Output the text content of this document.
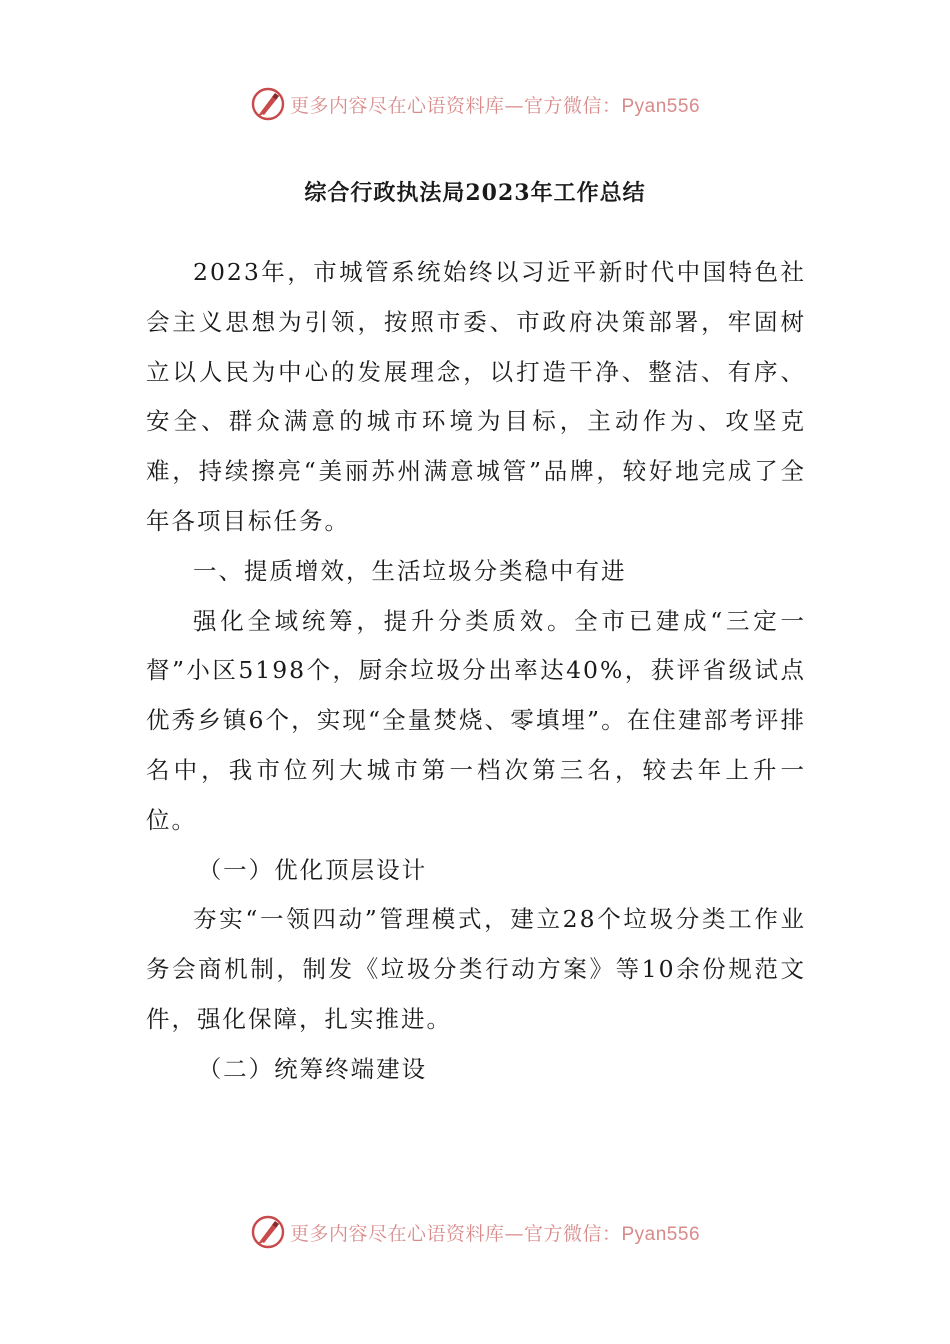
更多内容尽在心语资料库—官方微信：Pyan556
综合行政执法局2023年工作总结

2023年，市城管系统始终以习近平新时代中国特色社会主义思想为引领，按照市委、市政府决策部署，牢固树立以人民为中心的发展理念，以打造干净、整洁、有序、安全、群众满意的城市环境为目标，主动作为、攻坚克难，持续擦亮“美丽苏州满意城管”品牌，较好地完成了全年各项目标任务。

一、提质增效，生活垃圾分类稳中有进

强化全域统筹，提升分类质效。全市已建成“三定一督”小区5198个，厨余垃圾分出率达40%，获评省级试点优秀乡镇6个，实现“全量焚烧、零填埋”。在住建部考评排名中，我市位列大城市第一档次第三名，较去年上升一位。

（一）优化顶层设计

夯实“一领四动”管理模式，建立28个垃圾分类工作业务会商机制，制发《垃圾分类行动方案》等10余份规范文件，强化保障，扎实推进。

（二）统筹终端建设

更多内容尽在心语资料库—官方微信：Pyan556
